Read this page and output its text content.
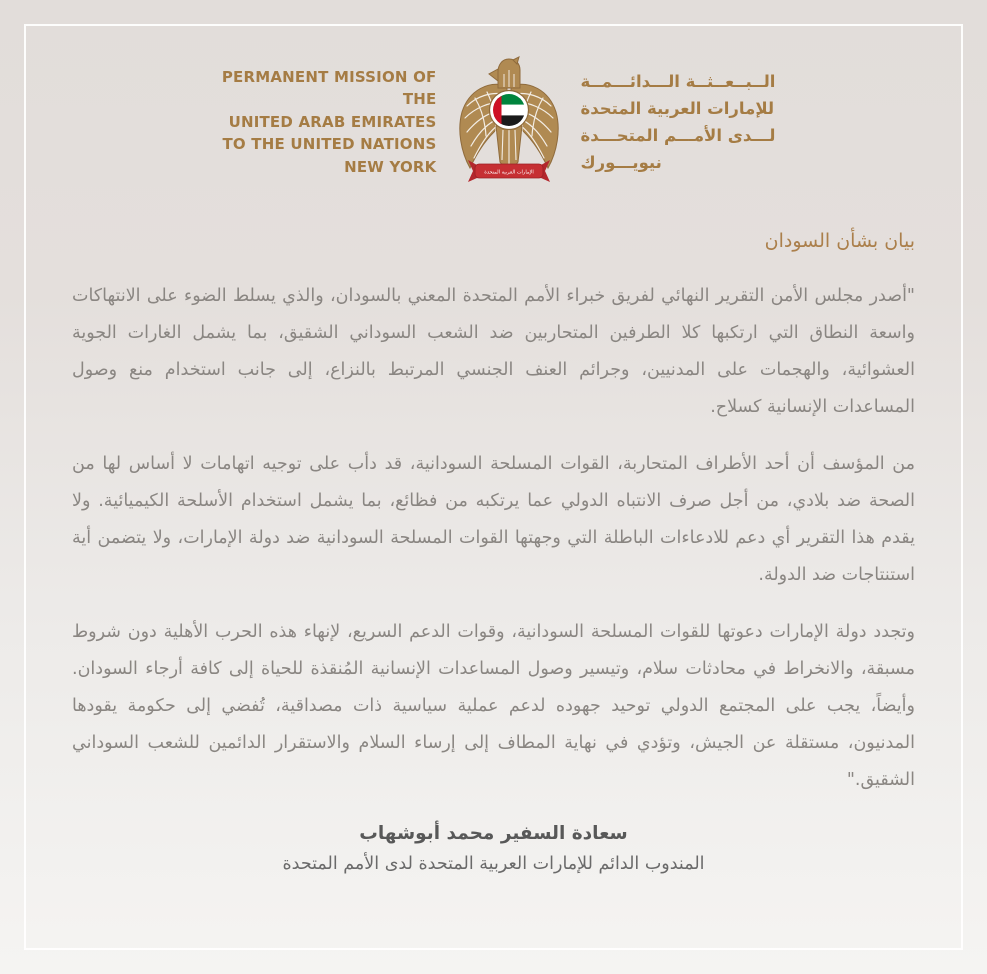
PERMANENT MISSION OF THE
UNITED ARAB EMIRATES
TO THE UNITED NATIONS
NEW YORK	الإمارات العربية المتحدة
الــبــعــثــة الـــدائـــمــة
للإمارات العربية المتحدة
لـــدى الأمـــم المتحـــدة
نيويـــورك
بيان بشأن السودان

"أصدر مجلس الأمن التقرير النهائي لفريق خبراء الأمم المتحدة المعني بالسودان، والذي يسلط الضوء على الانتهاكات واسعة النطاق التي ارتكبها كلا الطرفين المتحاربين ضد الشعب السوداني الشقيق، بما يشمل الغارات الجوية العشوائية، والهجمات على المدنيين، وجرائم العنف الجنسي المرتبط بالنزاع، إلى جانب استخدام منع وصول المساعدات الإنسانية كسلاح.

من المؤسف أن أحد الأطراف المتحاربة، القوات المسلحة السودانية، قد دأب على توجيه اتهامات لا أساس لها من الصحة ضد بلادي، من أجل صرف الانتباه الدولي عما يرتكبه من فظائع، بما يشمل استخدام الأسلحة الكيميائية. ولا يقدم هذا التقرير أي دعم للادعاءات الباطلة التي وجهتها القوات المسلحة السودانية ضد دولة الإمارات، ولا يتضمن أية استنتاجات ضد الدولة.

وتجدد دولة الإمارات دعوتها للقوات المسلحة السودانية، وقوات الدعم السريع، لإنهاء هذه الحرب الأهلية دون شروط مسبقة، والانخراط في محادثات سلام، وتيسير وصول المساعدات الإنسانية المُنقذة للحياة إلى كافة أرجاء السودان. وأيضاً، يجب على المجتمع الدولي توحيد جهوده لدعم عملية سياسية ذات مصداقية، تُفضي إلى حكومة يقودها المدنيون، مستقلة عن الجيش، وتؤدي في نهاية المطاف إلى إرساء السلام والاستقرار الدائمين للشعب السوداني الشقيق."

سعادة السفير محمد أبوشهاب
المندوب الدائم للإمارات العربية المتحدة لدى الأمم المتحدة
